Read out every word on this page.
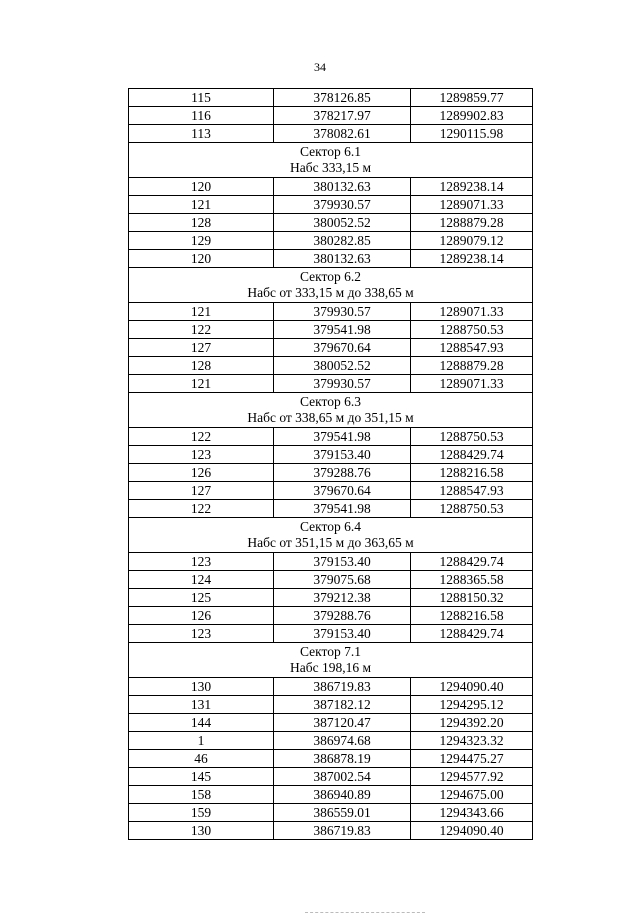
34
115	378126.85	1289859.77
116	378217.97	1289902.83
113	378082.61	1290115.98

Сектор 6.1
Набс 333,15 м		

120	380132.63	1289238.14
121	379930.57	1289071.33
128	380052.52	1288879.28
129	380282.85	1289079.12
120	380132.63	1289238.14

Сектор 6.2
Набс от 333,15 м до 338,65 м		

121	379930.57	1289071.33
122	379541.98	1288750.53
127	379670.64	1288547.93
128	380052.52	1288879.28
121	379930.57	1289071.33

Сектор 6.3
Набс от 338,65 м до 351,15 м		

122	379541.98	1288750.53
123	379153.40	1288429.74
126	379288.76	1288216.58
127	379670.64	1288547.93
122	379541.98	1288750.53

Сектор 6.4
Набс от 351,15 м до 363,65 м		

123	379153.40	1288429.74
124	379075.68	1288365.58
125	379212.38	1288150.32
126	379288.76	1288216.58
123	379153.40	1288429.74

Сектор 7.1
Набс 198,16 м		

130	386719.83	1294090.40
131	387182.12	1294295.12
144	387120.47	1294392.20
1	386974.68	1294323.32
46	386878.19	1294475.27
145	387002.54	1294577.92
158	386940.89	1294675.00
159	386559.01	1294343.66
130	386719.83	1294090.40
